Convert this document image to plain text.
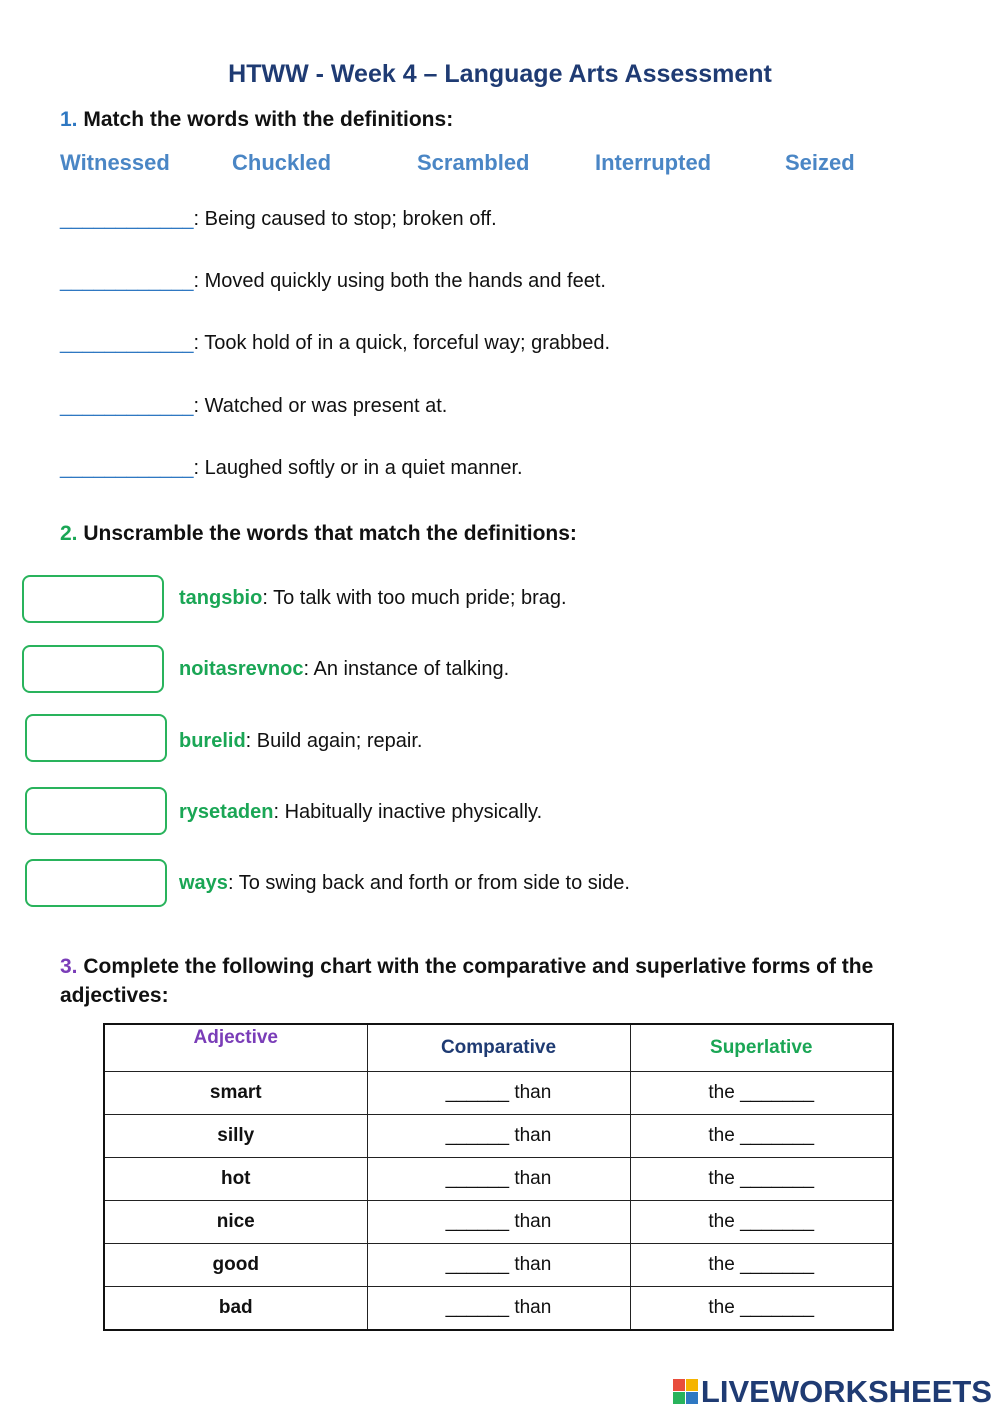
HTWW - Week 4 – Language Arts Assessment
1. Match the words with the definitions:
Witnessed	Chuckled	Scrambled	Interrupted	Seized
____________: Being caused to stop; broken off.
____________: Moved quickly using both the hands and feet.
____________: Took hold of in a quick, forceful way; grabbed.
____________: Watched or was present at.
____________: Laughed softly or in a quiet manner.
2. Unscramble the words that match the definitions:
tangsbio: To talk with too much pride; brag.
noitasrevnoc: An instance of talking.
burelid: Build again; repair.
rysetaden: Habitually inactive physically.
ways: To swing back and forth or from side to side.
3. Complete the following chart with the comparative and superlative forms of the adjectives:
Adjective	Comparative	Superlative
smart	______ than	the _______
silly	______ than	the _______
hot	______ than	the _______
nice	______ than	the _______
good	______ than	the _______
bad	______ than	the _______
LIVEWORKSHEETS
